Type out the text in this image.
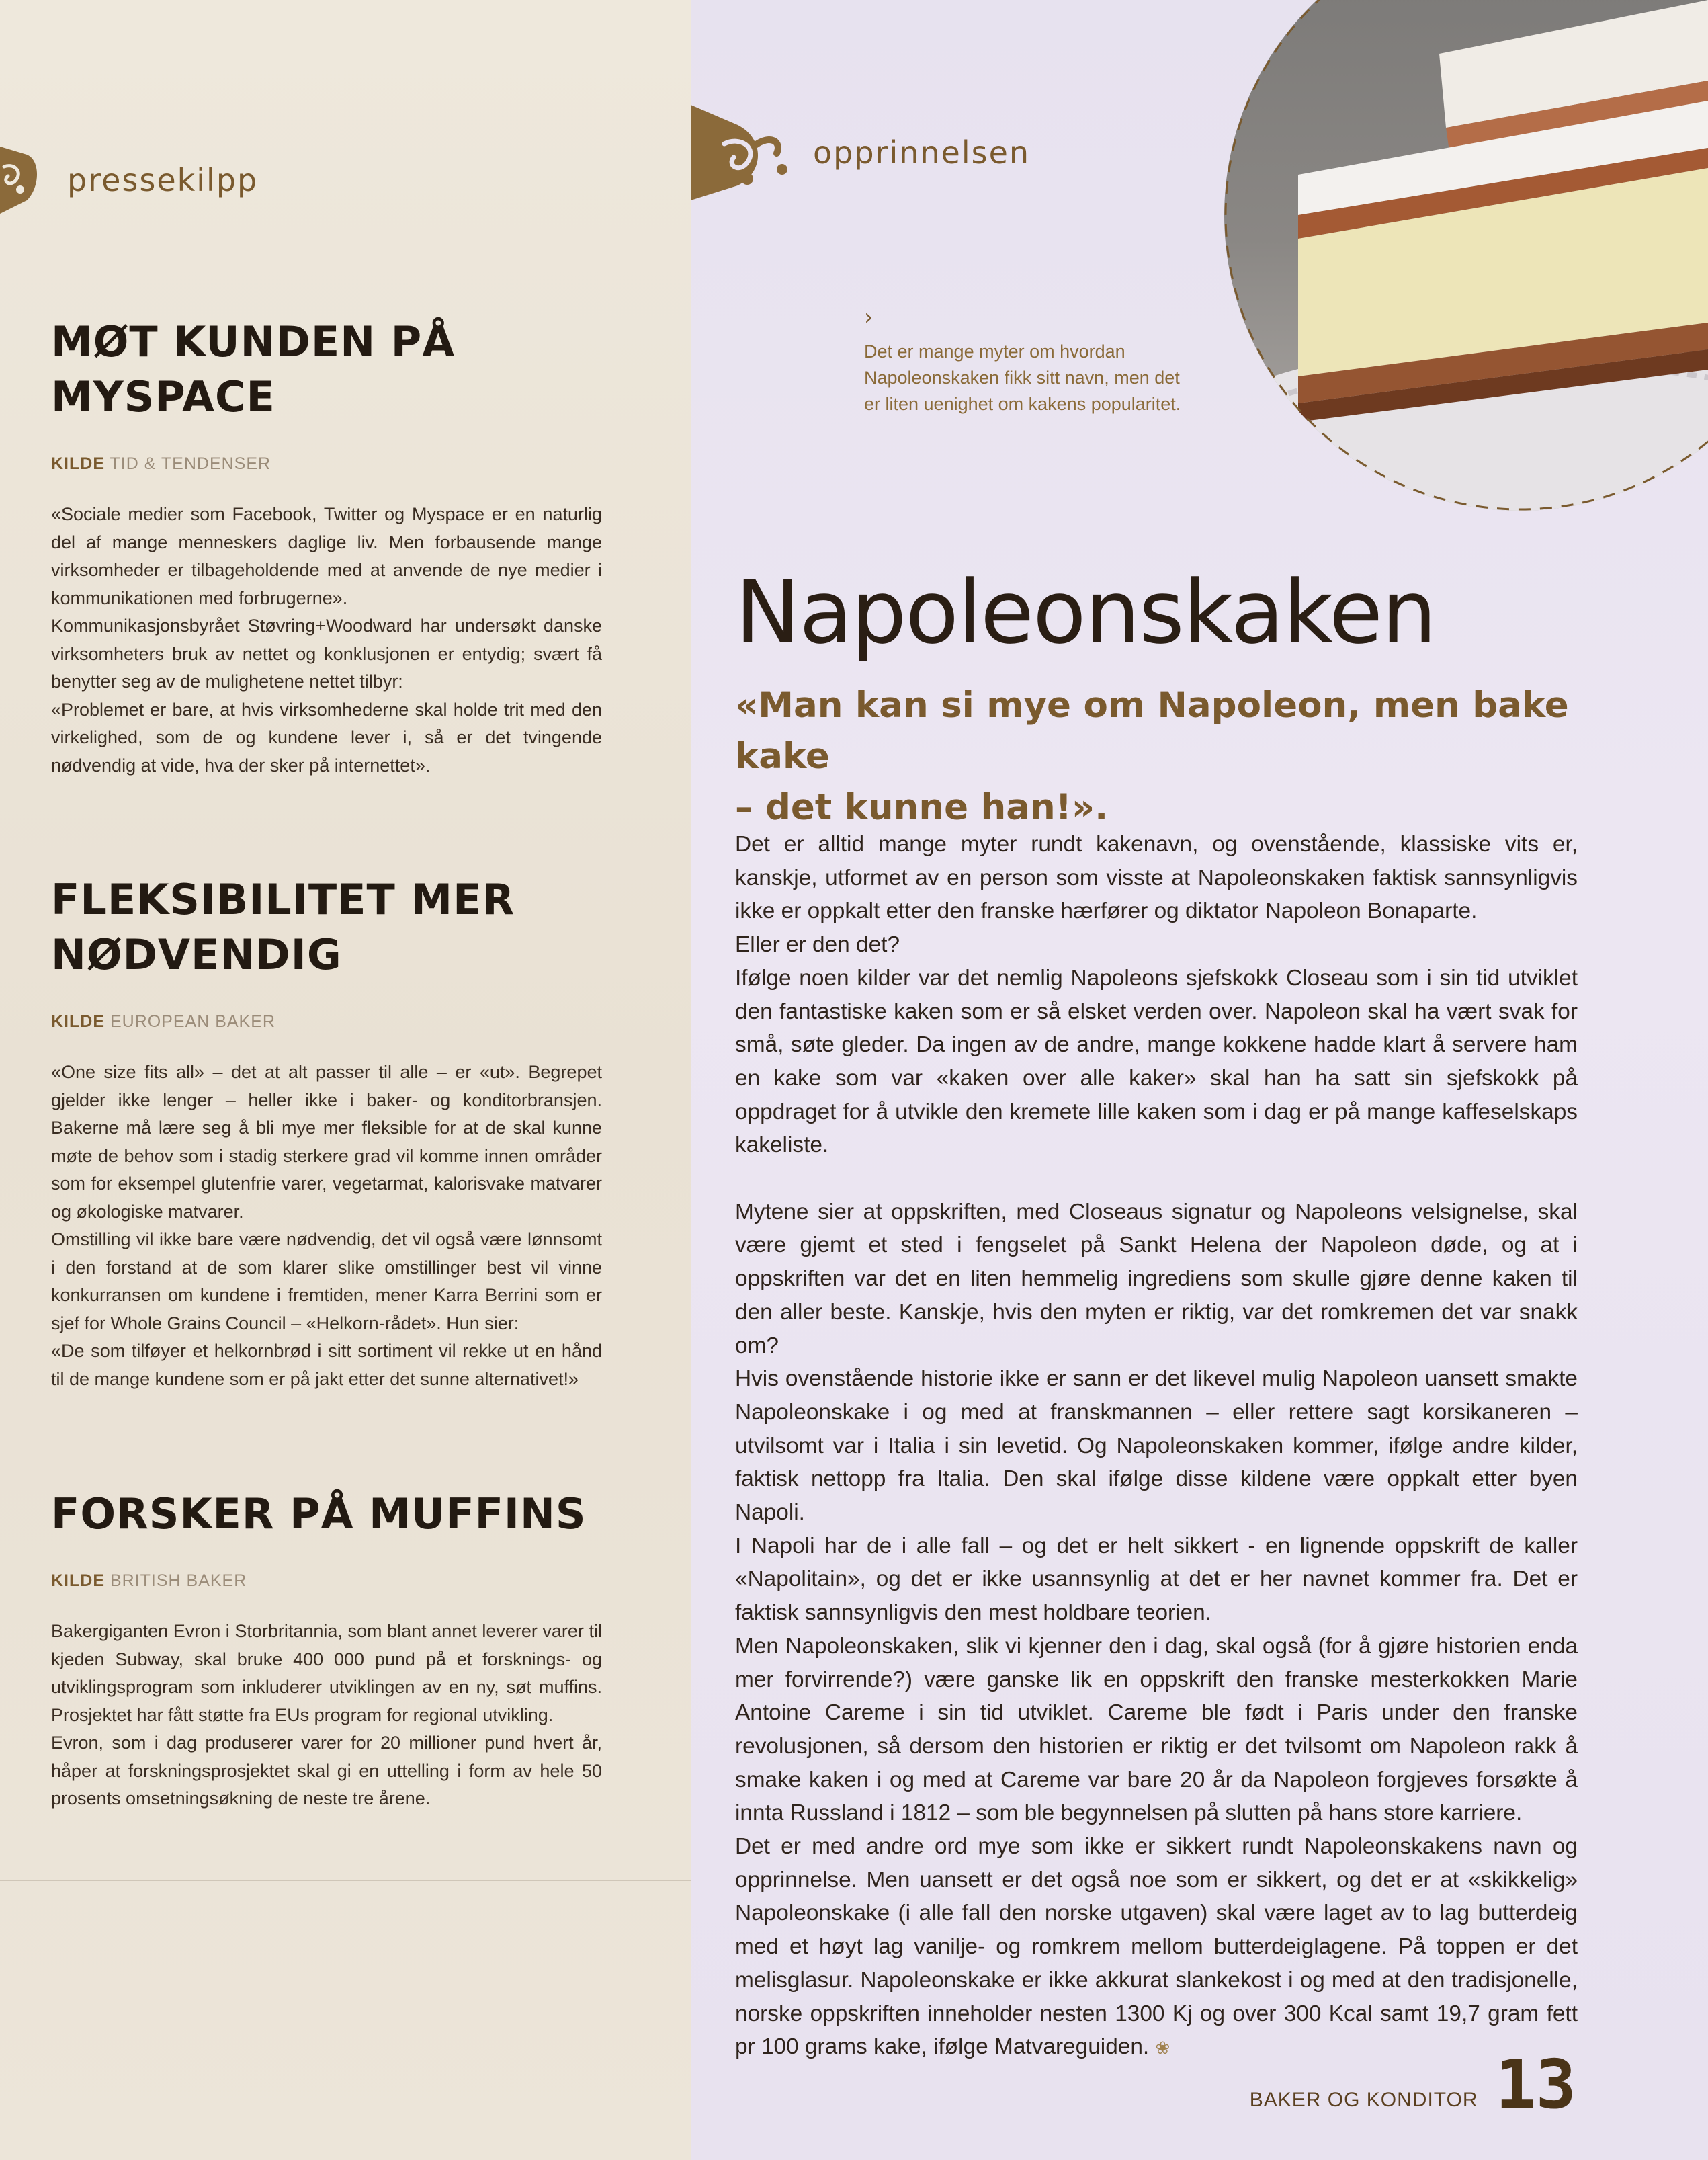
pressekilpp
MØT KUNDEN PÅ
MYSPACE
KILDE TID & TENDENSER

«Sociale medier som Facebook, Twitter og Myspace er en naturlig del af mange menneskers daglige liv. Men forbausende mange virksomheder er tilbageholdende med at anvende de nye medier i kommunikationen med forbrugerne».

Kommunikasjonsbyrået Støvring+Woodward har undersøkt danske virksomheters bruk av nettet og konklusjonen er entydig; svært få benytter seg av de mulighetene nettet tilbyr:

«Problemet er bare, at hvis virksomhederne skal holde trit med den virkelighed, som de og kundene lever i, så er det tvingende nødvendig at vide, hva der sker på internettet».

FLEKSIBILITET MER
NØDVENDIG
KILDE EUROPEAN BAKER

«One size fits all» – det at alt passer til alle – er «ut». Begrepet gjelder ikke lenger – heller ikke i baker- og konditorbransjen. Bakerne må lære seg å bli mye mer fleksible for at de skal kunne møte de behov som i stadig sterkere grad vil komme innen områder som for eksempel glutenfrie varer, vegetarmat, kalorisvake matvarer og økologiske matvarer.

Omstilling vil ikke bare være nødvendig, det vil også være lønnsomt i den forstand at de som klarer slike omstillinger best vil vinne konkurransen om kundene i fremtiden, mener Karra Berrini som er sjef for Whole Grains Council – «Helkorn-rådet». Hun sier:

«De som tilføyer et helkornbrød i sitt sortiment vil rekke ut en hånd til de mange kundene som er på jakt etter det sunne alternativet!»

FORSKER PÅ MUFFINS
KILDE BRITISH BAKER

Bakergiganten Evron i Storbritannia, som blant annet leverer varer til kjeden Subway, skal bruke 400 000 pund på et forsknings- og utviklingsprogram som inkluderer utviklingen av en ny, søt muffins. Prosjektet har fått støtte fra EUs program for regional utvikling.

Evron, som i dag produserer varer for 20 millioner pund hvert år, håper at forskningsprosjektet skal gi en uttelling i form av hele 50 prosents omsetningsøkning de neste tre årene.

opprinnelsen
›
Det er mange myter om hvordan Napoleonskaken fikk sitt navn, men det er liten uenighet om kakens popularitet.
Napoleonskaken
«Man kan si mye om Napoleon, men bake kake
– det kunne han!».

Det er alltid mange myter rundt kakenavn, og ovenstående, klassiske vits er, kanskje, utformet av en person som visste at Napoleonskaken faktisk sannsynligvis ikke er oppkalt etter den franske hærfører og diktator Napoleon Bonaparte.

Eller er den det?

Ifølge noen kilder var det nemlig Napoleons sjefskokk Closeau som i sin tid utviklet den fantastiske kaken som er så elsket verden over. Napoleon skal ha vært svak for små, søte gleder. Da ingen av de andre, mange kokkene hadde klart å servere ham en kake som var «kaken over alle kaker» skal han ha satt sin sjefskokk på oppdraget for å utvikle den kremete lille kaken som i dag er på mange kaffeselskaps kakeliste.

Mytene sier at oppskriften, med Closeaus signatur og Napoleons velsignelse, skal være gjemt et sted i fengselet på Sankt Helena der Napoleon døde, og at i oppskriften var det en liten hemmelig ingrediens som skulle gjøre denne kaken til den aller beste. Kanskje, hvis den myten er riktig, var det romkremen det var snakk om?

Hvis ovenstående historie ikke er sann er det likevel mulig Napoleon uansett smakte Napoleonskake i og med at franskmannen – eller rettere sagt korsikaneren – utvilsomt var i Italia i sin levetid. Og Napoleonskaken kommer, ifølge andre kilder, faktisk nettopp fra Italia. Den skal ifølge disse kildene være oppkalt etter byen Napoli.

I Napoli har de i alle fall – og det er helt sikkert - en lignende oppskrift de kaller «Napolitain», og det er ikke usannsynlig at det er her navnet kommer fra. Det er faktisk sannsynligvis den mest holdbare teorien.

Men Napoleonskaken, slik vi kjenner den i dag, skal også (for å gjøre historien enda mer forvirrende?) være ganske lik en oppskrift den franske mesterkokken Marie Antoine Careme i sin tid utviklet. Careme ble født i Paris under den franske revolusjonen, så dersom den historien er riktig er det tvilsomt om Napoleon rakk å smake kaken i og med at Careme var bare 20 år da Napoleon forgjeves forsøkte å innta Russland i 1812 – som ble begynnelsen på slutten på hans store karriere.

Det er med andre ord mye som ikke er sikkert rundt Napoleonskakens navn og opprinnelse. Men uansett er det også noe som er sikkert, og det er at «skikkelig» Napoleonskake (i alle fall den norske utgaven) skal være laget av to lag butterdeig med et høyt lag vanilje- og romkrem mellom butterdeiglagene. På toppen er det melisglasur. Napoleonskake er ikke akkurat slankekost i og med at den tradisjonelle, norske oppskriften inneholder nesten 1300 Kj og over 300 Kcal samt 19,7 gram fett pr 100 grams kake, ifølge Matvareguiden. ❀

BAKER OG KONDITOR 13
